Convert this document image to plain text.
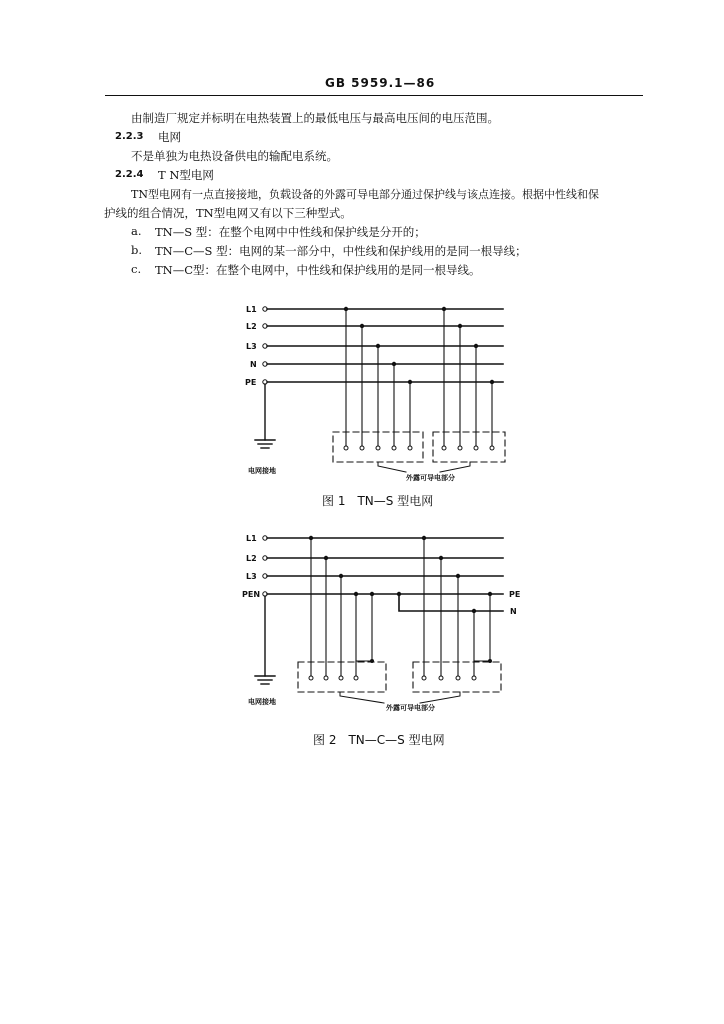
GB 5959.1—86
由制造厂规定并标明在电热装置上的最低电压与最高电压间的电压范围。
2.2.3 电网
不是单独为电热设备供电的输配电系统。
2.2.4 T N型电网
TN型电网有一点直接接地，负载设备的外露可导电部分通过保护线与该点连接。根据中性线和保
护线的组合情况，TN型电网又有以下三种型式。
a. TN—S 型：在整个电网中中性线和保护线是分开的；
b. TN—C—S 型：电网的某一部分中，中性线和保护线用的是同一根导线；
c. TN—C型：在整个电网中，中性线和保护线用的是同一根导线。
L1
L2
L3
N
PE
电网接地
外露可导电部分
图 1　TN—S 型电网
L1
L2
L3
PEN	PE
N
电网接地
外露可导电部分
图 2　TN—C—S 型电网
